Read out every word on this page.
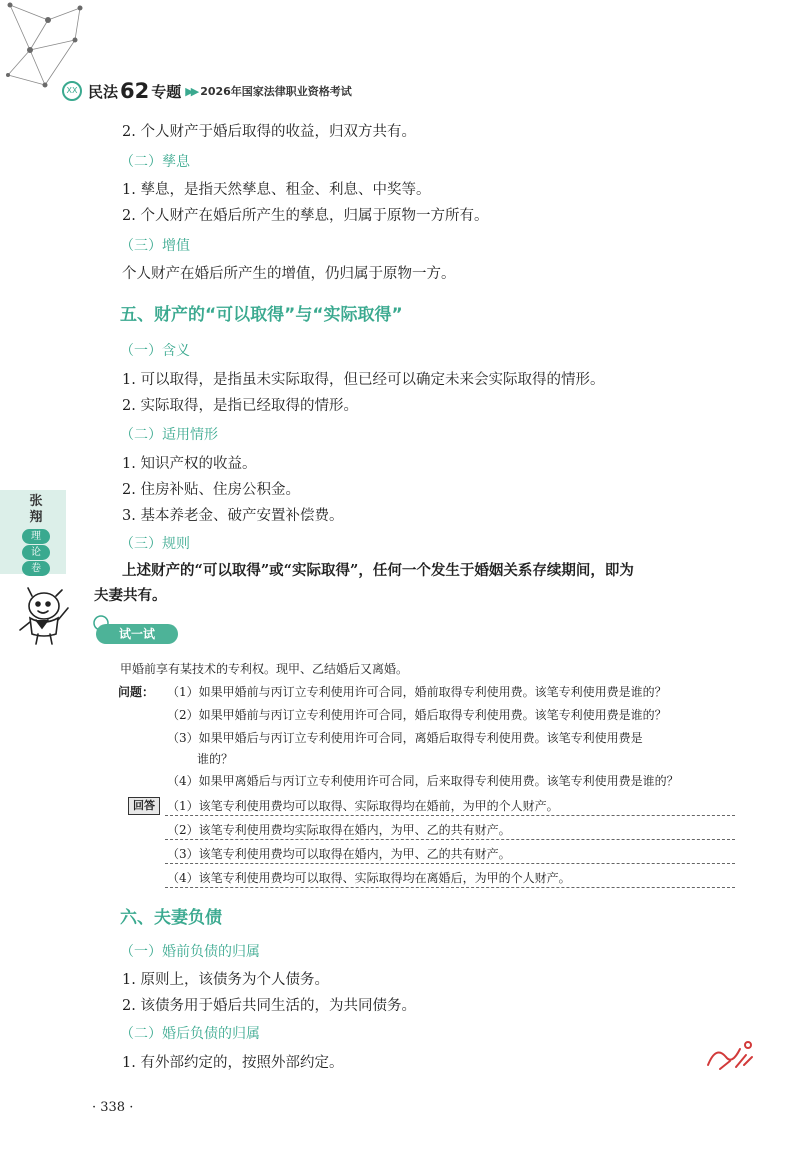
XX 民法 62 专题 ▶▶ 2026年国家法律职业资格考试
2. 个人财产于婚后取得的收益，归双方共有。
（二）孳息
1. 孳息，是指天然孳息、租金、利息、中奖等。
2. 个人财产在婚后所产生的孳息，归属于原物一方所有。
（三）增值
个人财产在婚后所产生的增值，仍归属于原物一方。
五、财产的“可以取得”与“实际取得”
（一）含义
1. 可以取得，是指虽未实际取得，但已经可以确定未来会实际取得的情形。
2. 实际取得，是指已经取得的情形。
（二）适用情形
1. 知识产权的收益。
2. 住房补贴、住房公积金。
3. 基本养老金、破产安置补偿费。
（三）规则
上述财产的“可以取得”或“实际取得”，任何一个发生于婚姻关系存续期间，即为
夫妻共有。
张
翔
理
论
卷
试一试
甲婚前享有某技术的专利权。现甲、乙结婚后又离婚。
问题： （1）如果甲婚前与丙订立专利使用许可合同，婚前取得专利使用费。该笔专利使用费是谁的？
（2）如果甲婚前与丙订立专利使用许可合同，婚后取得专利使用费。该笔专利使用费是谁的？
（3）如果甲婚后与丙订立专利使用许可合同，离婚后取得专利使用费。该笔专利使用费是
谁的？
（4）如果甲离婚后与丙订立专利使用许可合同，后来取得专利使用费。该笔专利使用费是谁的？
回答	（1）该笔专利使用费均可以取得、实际取得均在婚前，为甲的个人财产。
（2）该笔专利使用费均实际取得在婚内，为甲、乙的共有财产。
（3）该笔专利使用费均可以取得在婚内，为甲、乙的共有财产。
（4）该笔专利使用费均可以取得、实际取得均在离婚后，为甲的个人财产。
六、夫妻负债
（一）婚前负债的归属
1. 原则上，该债务为个人债务。
2. 该债务用于婚后共同生活的，为共同债务。
（二）婚后负债的归属
1. 有外部约定的，按照外部约定。
· 338 ·
